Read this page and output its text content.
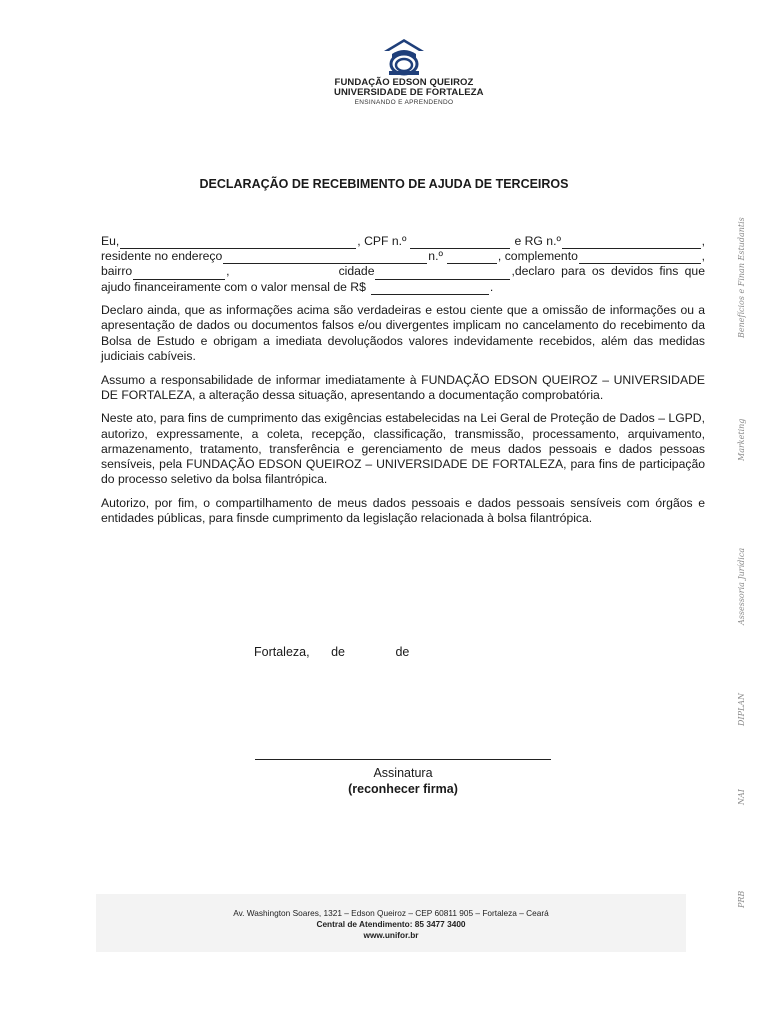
FUNDAÇÃO EDSON QUEIROZ
UNIVERSIDADE DE FORTALEZA
ENSINANDO E APRENDENDO
DECLARAÇÃO DE RECEBIMENTO DE AJUDA DE TERCEIROS
Eu,	, CPF n.º	e RG n.º	,
residente no endereço	n.º	, complemento	,
bairro	,	cidade	,declaro para os devidos fins que
ajudo financeiramente com o valor mensal de R$	.

Declaro ainda, que as informações acima são verdadeiras e estou ciente que a omissão de informações ou a apresentação de dados ou documentos falsos e/ou divergentes implicam no cancelamento do recebimento da Bolsa de Estudo e obrigam a imediata devoluçãodos valores indevidamente recebidos, além das medidas judiciais cabíveis.

Assumo a responsabilidade de informar imediatamente à FUNDAÇÃO EDSON QUEIROZ – UNIVERSIDADE DE FORTALEZA, a alteração dessa situação, apresentando a documentação comprobatória.

Neste ato, para fins de cumprimento das exigências estabelecidas na Lei Geral de Proteção de Dados – LGPD, autorizo, expressamente, a coleta, recepção, classificação, transmissão, processamento, arquivamento, armazenamento, tratamento, transferência e gerenciamento de meus dados pessoais e dados pessoas sensíveis, pela FUNDAÇÃO EDSON QUEIROZ – UNIVERSIDADE DE FORTALEZA, para fins de participação do processo seletivo da bolsa filantrópica.

Autorizo, por fim, o compartilhamento de meus dados pessoais e dados pessoais sensíveis com órgãos e entidades públicas, para finsde cumprimento da legislação relacionada à bolsa filantrópica.

Fortaleza, de	de
Assinatura
(reconhecer firma)
Benefícios e Finan Estudantis
Marketing
Assessoria Jurídica
DIPLAN
NAI
PRB
Av. Washington Soares, 1321 – Edson Queiroz – CEP 60811 905 – Fortaleza – Ceará
Central de Atendimento: 85 3477 3400
www.unifor.br
